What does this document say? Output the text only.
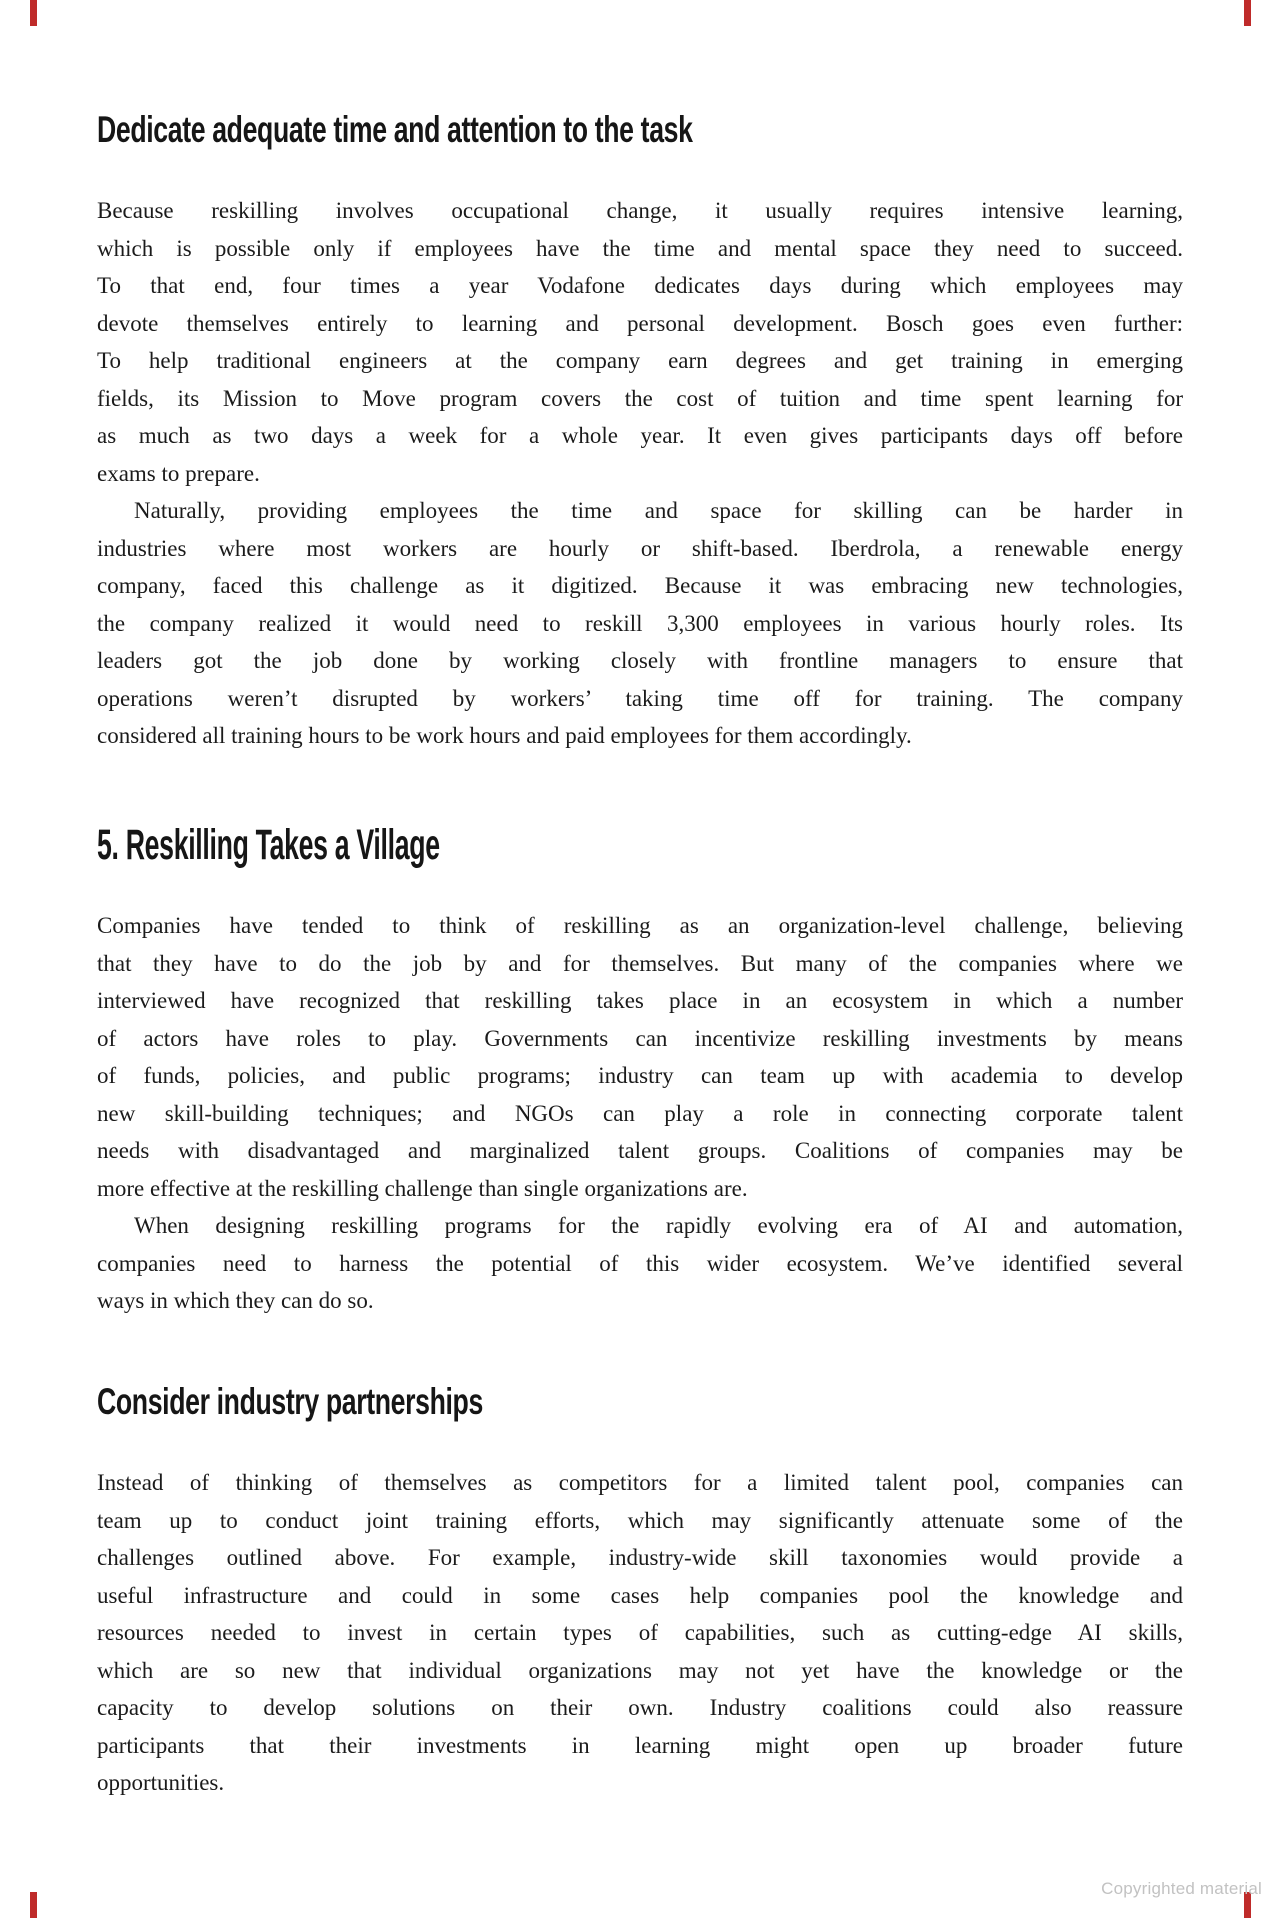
Dedicate adequate time and attention to the task
Because reskilling involves occupational change, it usually requires intensive learning,
which is possible only if employees have the time and mental space they need to succeed.
To that end, four times a year Vodafone dedicates days during which employees may
devote themselves entirely to learning and personal development. Bosch goes even further:
To help traditional engineers at the company earn degrees and get training in emerging
fields, its Mission to Move program covers the cost of tuition and time spent learning for
as much as two days a week for a whole year. It even gives participants days off before
exams to prepare.
Naturally, providing employees the time and space for skilling can be harder in
industries where most workers are hourly or shift-based. Iberdrola, a renewable energy
company, faced this challenge as it digitized. Because it was embracing new technologies,
the company realized it would need to reskill 3,300 employees in various hourly roles. Its
leaders got the job done by working closely with frontline managers to ensure that
operations weren’t disrupted by workers’ taking time off for training. The company
considered all training hours to be work hours and paid employees for them accordingly.
5. Reskilling Takes a Village
Companies have tended to think of reskilling as an organization-level challenge, believing
that they have to do the job by and for themselves. But many of the companies where we
interviewed have recognized that reskilling takes place in an ecosystem in which a number
of actors have roles to play. Governments can incentivize reskilling investments by means
of funds, policies, and public programs; industry can team up with academia to develop
new skill-building techniques; and NGOs can play a role in connecting corporate talent
needs with disadvantaged and marginalized talent groups. Coalitions of companies may be
more effective at the reskilling challenge than single organizations are.
When designing reskilling programs for the rapidly evolving era of AI and automation,
companies need to harness the potential of this wider ecosystem. We’ve identified several
ways in which they can do so.
Consider industry partnerships
Instead of thinking of themselves as competitors for a limited talent pool, companies can
team up to conduct joint training efforts, which may significantly attenuate some of the
challenges outlined above. For example, industry-wide skill taxonomies would provide a
useful infrastructure and could in some cases help companies pool the knowledge and
resources needed to invest in certain types of capabilities, such as cutting-edge AI skills,
which are so new that individual organizations may not yet have the knowledge or the
capacity to develop solutions on their own. Industry coalitions could also reassure
participants that their investments in learning might open up broader future
opportunities.
Copyrighted material
